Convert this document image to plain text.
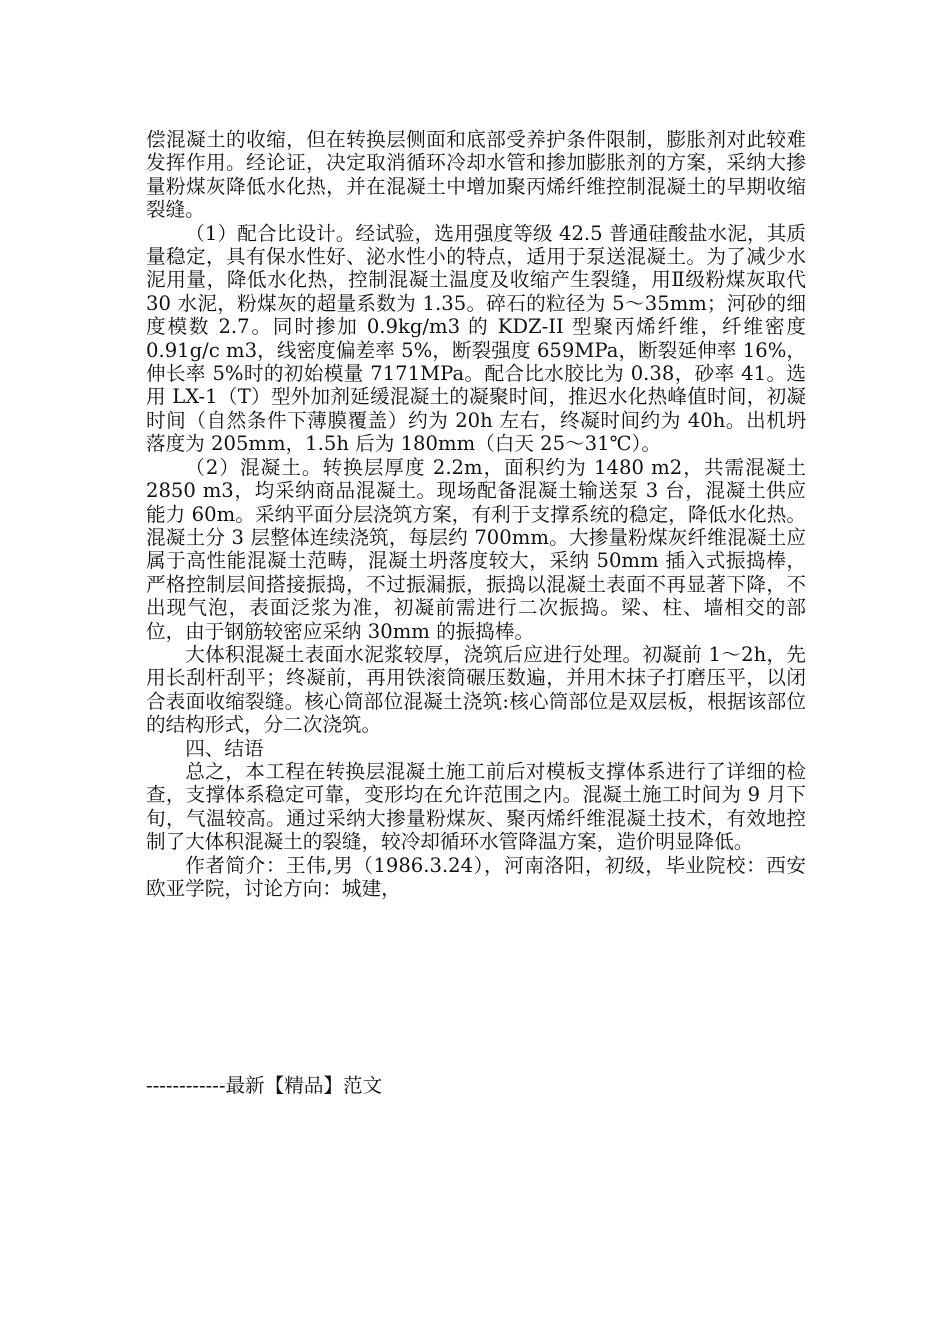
偿混凝土的收缩，但在转换层侧面和底部受养护条件限制，膨胀剂对此较难发挥作用。经论证，决定取消循环冷却水管和掺加膨胀剂的方案，采纳大掺量粉煤灰降低水化热，并在混凝土中增加聚丙烯纤维控制混凝土的早期收缩裂缝。

（1）配合比设计。经试验，选用强度等级 42.5 普通硅酸盐水泥，其质量稳定，具有保水性好、泌水性小的特点，适用于泵送混凝土。为了减少水泥用量，降低水化热，控制混凝土温度及收缩产生裂缝，用Ⅱ级粉煤灰取代 30 水泥，粉煤灰的超量系数为 1.35。碎石的粒径为 5～35mm；河砂的细度模数 2.7。同时掺加 0.9kg/m3 的 KDZ-II 型聚丙烯纤维，纤维密度 0.91g/c m3，线密度偏差率 5%，断裂强度 659MPa，断裂延伸率 16%，伸长率 5%时的初始模量 7171MPa。配合比水胶比为 0.38，砂率 41。选用 LX-1（T）型外加剂延缓混凝土的凝聚时间，推迟水化热峰值时间，初凝时间（自然条件下薄膜覆盖）约为 20h 左右，终凝时间约为 40h。出机坍落度为 205mm，1.5h 后为 180mm（白天 25～31℃）。

（2）混凝土。转换层厚度 2.2m，面积约为 1480 m2，共需混凝土 2850 m3，均采纳商品混凝土。现场配备混凝土输送泵 3 台，混凝土供应能力 60m。采纳平面分层浇筑方案，有利于支撑系统的稳定，降低水化热。混凝土分 3 层整体连续浇筑，每层约 700mm。大掺量粉煤灰纤维混凝土应属于高性能混凝土范畴，混凝土坍落度较大，采纳 50mm 插入式振捣棒，严格控制层间搭接振捣，不过振漏振，振捣以混凝土表面不再显著下降，不出现气泡，表面泛浆为准，初凝前需进行二次振捣。梁、柱、墙相交的部位，由于钢筋较密应采纳 30mm 的振捣棒。

大体积混凝土表面水泥浆较厚，浇筑后应进行处理。初凝前 1～2h，先用长刮杆刮平；终凝前，再用铁滚筒碾压数遍，并用木抹子打磨压平，以闭合表面收缩裂缝。核心筒部位混凝土浇筑:核心筒部位是双层板，根据该部位的结构形式，分二次浇筑。

四、结语

总之，本工程在转换层混凝土施工前后对模板支撑体系进行了详细的检查，支撑体系稳定可靠，变形均在允许范围之内。混凝土施工时间为 9 月下旬，气温较高。通过采纳大掺量粉煤灰、聚丙烯纤维混凝土技术，有效地控制了大体积混凝土的裂缝，较冷却循环水管降温方案，造价明显降低。

作者简介：王伟,男（1986.3.24），河南洛阳，初级，毕业院校：西安欧亚学院，讨论方向：城建，

------------最新【精品】范文
